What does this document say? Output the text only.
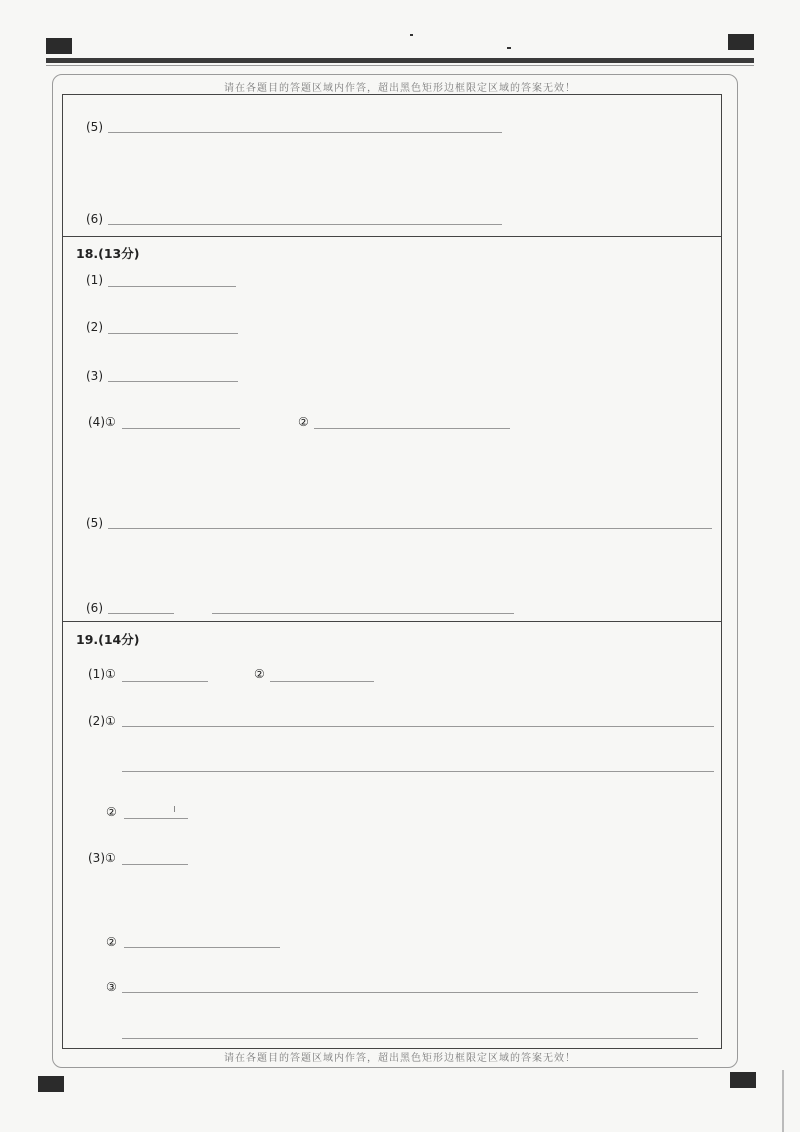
请在各题目的答题区域内作答，超出黑色矩形边框限定区域的答案无效！
请在各题目的答题区域内作答，超出黑色矩形边框限定区域的答案无效！
(5)
(6)
18.(13分)
(1)
(2)
(3)
(4)①	②
(5)
(6)
19.(14分)
(1)①	②
(2)①
②
(3)①
②
③
